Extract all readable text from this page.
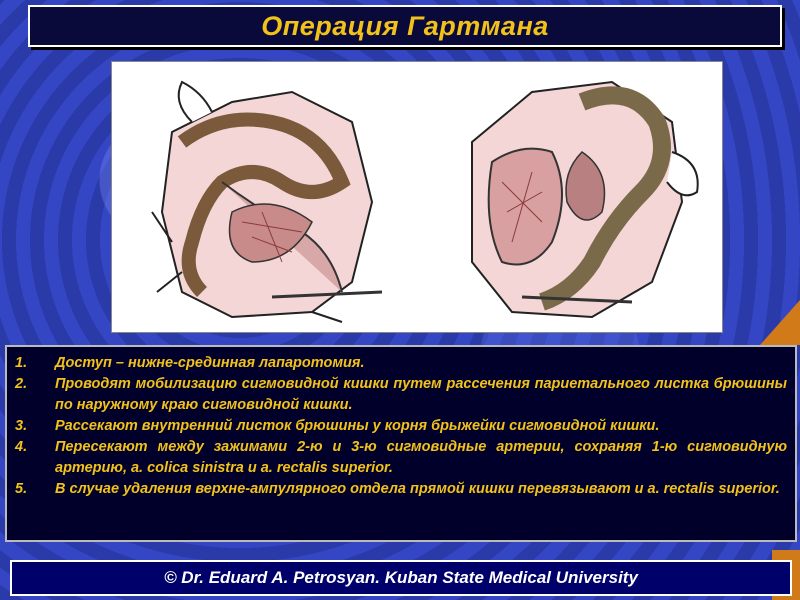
Операция Гартмана
1.	Доступ – нижне-срединная лапаротомия.
2.	Проводят мобилизацию сигмовидной кишки путем рассечения париетального листка брюшины по наружному краю сигмовидной кишки.
3.	Рассекают внутренний листок брюшины у корня брыжейки сигмовидной кишки.
4.	Пересекают между зажимами 2-ю и 3-ю сигмовидные артерии, сохраняя 1-ю сигмовидную артерию, a. colica sinistra и a. rectalis superior.
5.	В случае удаления верхне-ампулярного отдела прямой кишки перевязывают и a. rectalis superior.
© Dr. Eduard A. Petrosyan. Kuban State Medical University
